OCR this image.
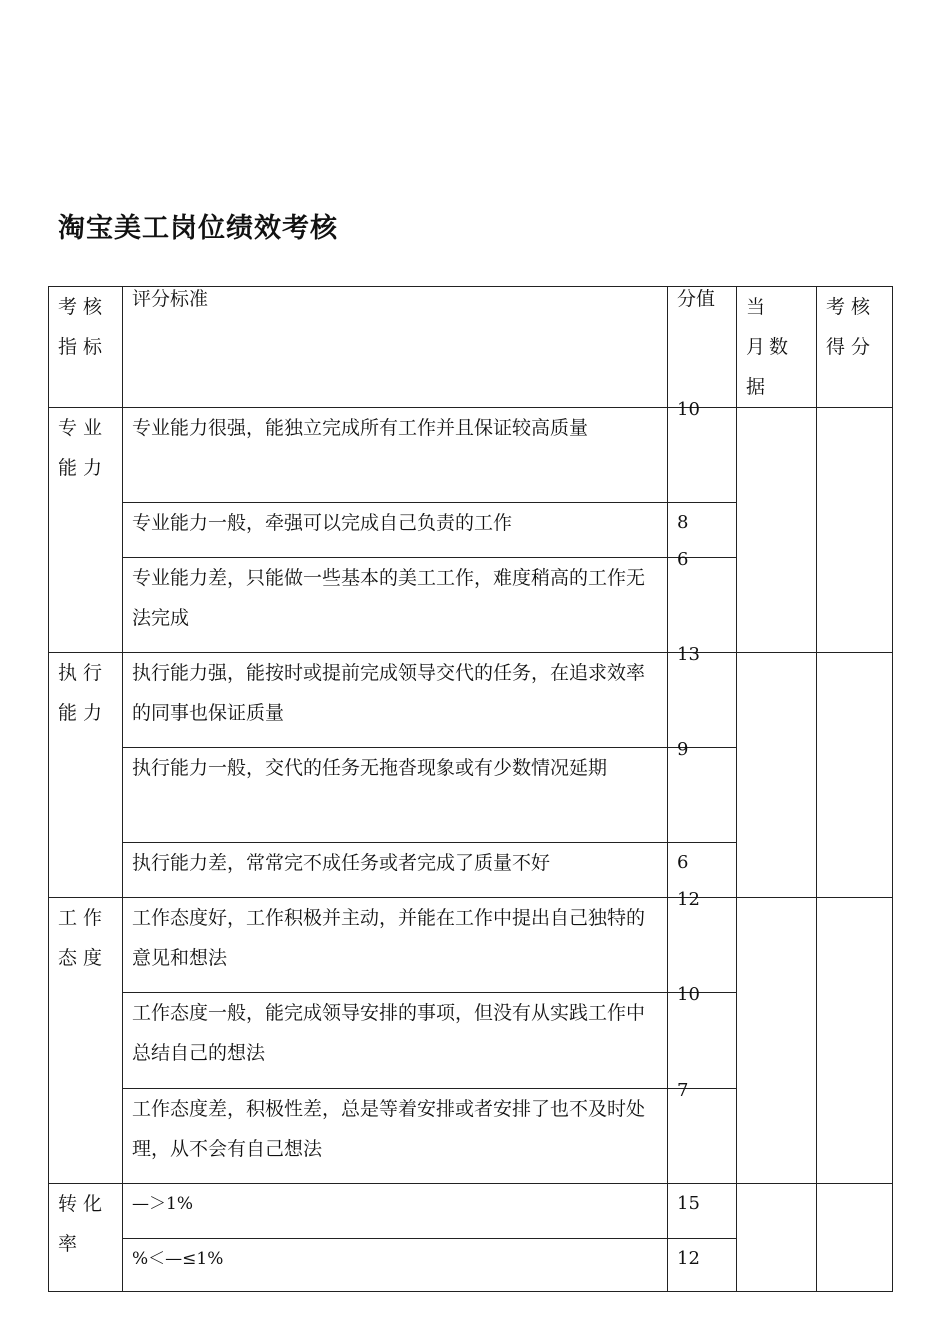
淘宝美工岗位绩效考核
考核指标	评分标准	分值	当　月数据	考核得分

专业能力	专业能力很强，能独立完成所有工作并且保证较高质量	10		

	专业能力一般，牵强可以完成自己负责的工作	8		

	专业能力差，只能做一些基本的美工工作，难度稍高的工作无法完成	6		

执行能力	执行能力强，能按时或提前完成领导交代的任务，在追求效率的同事也保证质量	13		

	执行能力一般，交代的任务无拖沓现象或有少数情况延期	9		

	执行能力差，常常完不成任务或者完成了质量不好	6		

工作态度	工作态度好，工作积极并主动，并能在工作中提出自己独特的意见和想法	12		

	工作态度一般，能完成领导安排的事项，但没有从实践工作中总结自己的想法	10		

	工作态度差，积极性差，总是等着安排或者安排了也不及时处理，从不会有自己想法	7		

转化率	—＞1%	15		

	%＜—≤1%	12		
